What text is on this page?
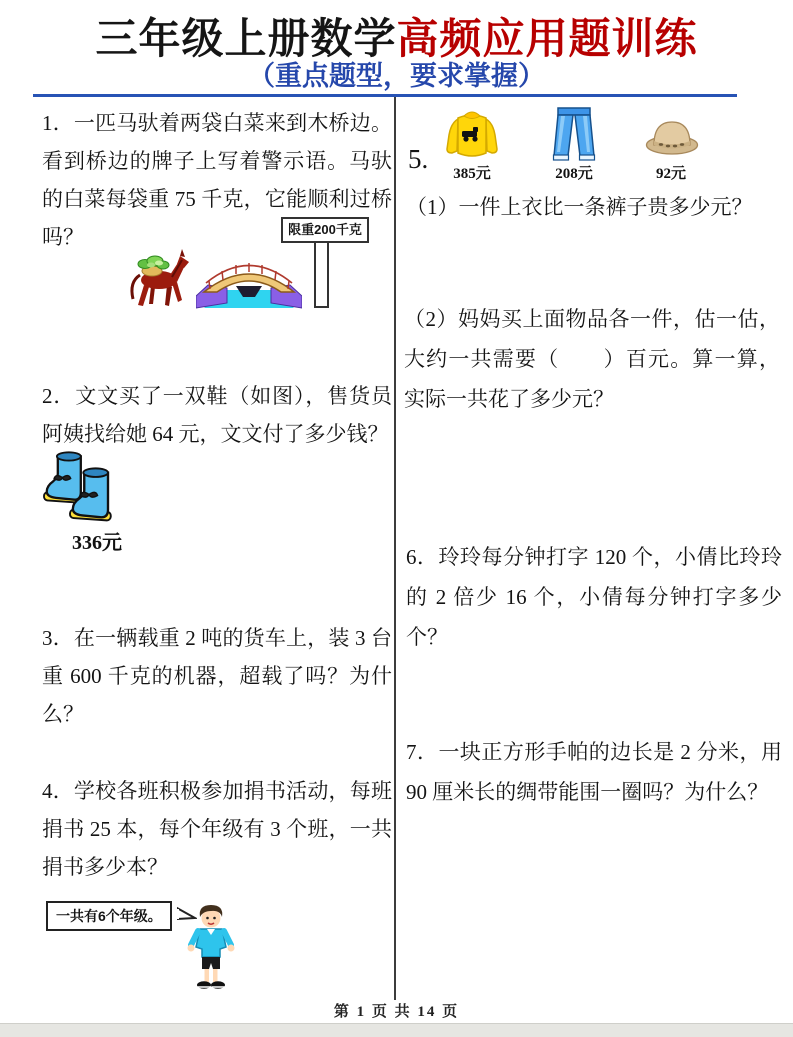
三年级上册数学高频应用题训练
（重点题型，要求掌握）
1．一匹马驮着两袋白菜来到木桥边。看到桥边的牌子上写着警示语。马驮的白菜每袋重 75 千克，它能顺利过桥吗？	限重200千克
2．文文买了一双鞋（如图），售货员阿姨找给她 64 元，文文付了多少钱？
336元
3．在一辆载重 2 吨的货车上，装 3 台重 600 千克的机器，超载了吗？为什么？
4．学校各班积极参加捐书活动，每班捐书 25 本，每个年级有 3 个班，一共捐书多少本？
一共有6个年级。
5.	385元	208元	92元
（1）一件上衣比一条裤子贵多少元？
（2）妈妈买上面物品各一件，估一估，大约一共需要（　　）百元。算一算，实际一共花了多少元？
6．玲玲每分钟打字 120 个，小倩比玲玲的 2 倍少 16 个，小倩每分钟打字多少个？
7．一块正方形手帕的边长是 2 分米，用 90 厘米长的绸带能围一圈吗？为什么？
第 1 页 共 14 页
